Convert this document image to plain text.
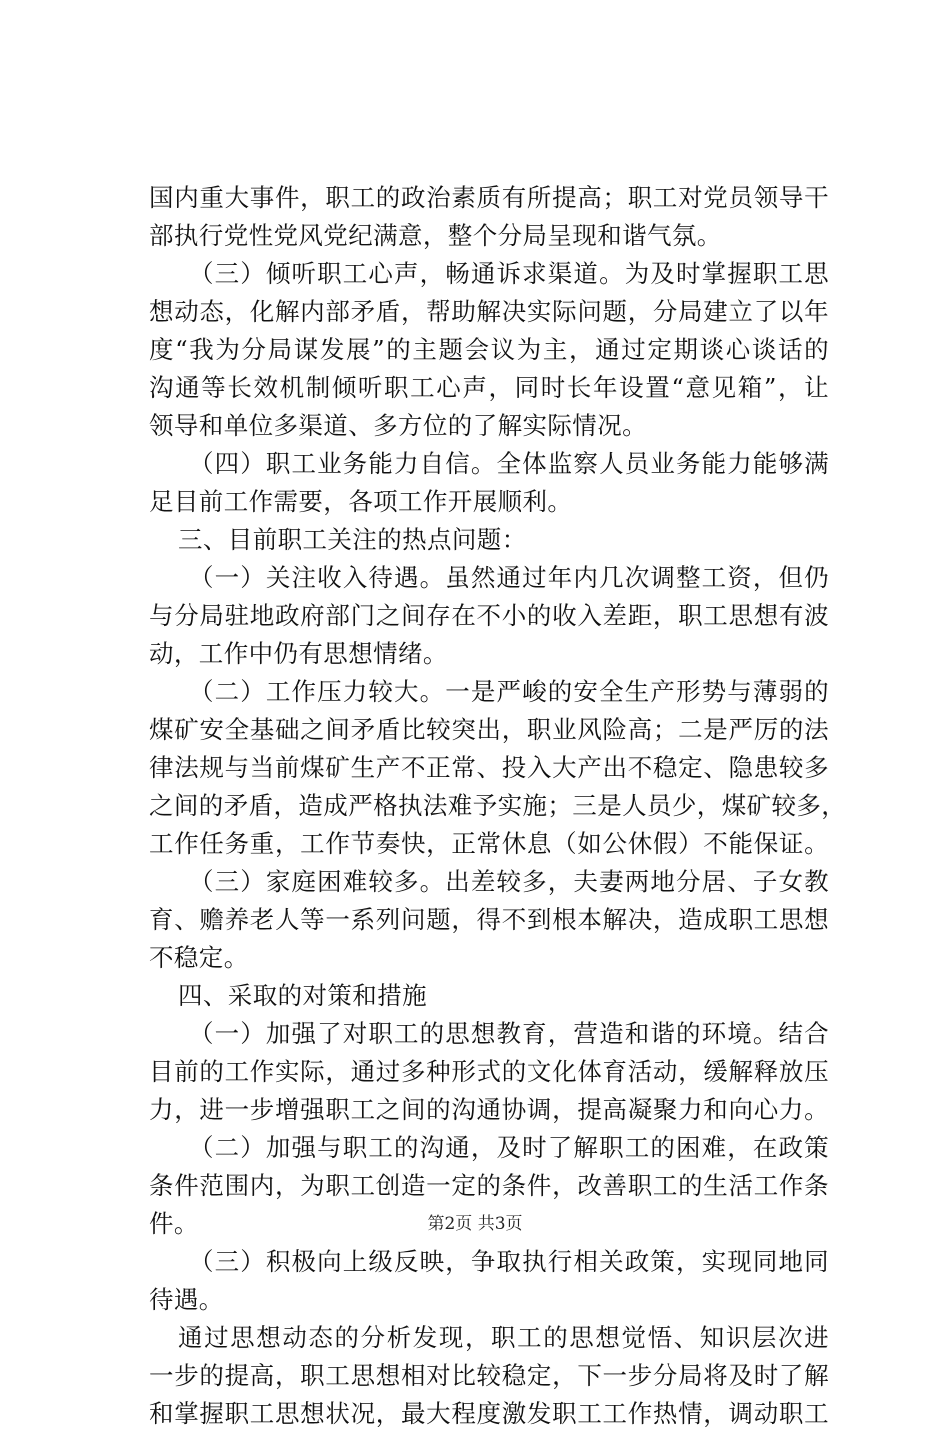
国内重大事件，职工的政治素质有所提高；职工对党员领导干
部执行党性党风党纪满意，整个分局呈现和谐气氛。
（三）倾听职工心声，畅通诉求渠道。为及时掌握职工思
想动态，化解内部矛盾，帮助解决实际问题，分局建立了以年
度“我为分局谋发展”的主题会议为主，通过定期谈心谈话的
沟通等长效机制倾听职工心声，同时长年设置“意见箱”，让
领导和单位多渠道、多方位的了解实际情况。
（四）职工业务能力自信。全体监察人员业务能力能够满
足目前工作需要，各项工作开展顺利。
三、目前职工关注的热点问题：
（一）关注收入待遇。虽然通过年内几次调整工资，但仍
与分局驻地政府部门之间存在不小的收入差距，职工思想有波
动，工作中仍有思想情绪。
（二）工作压力较大。一是严峻的安全生产形势与薄弱的
煤矿安全基础之间矛盾比较突出，职业风险高；二是严厉的法
律法规与当前煤矿生产不正常、投入大产出不稳定、隐患较多
之间的矛盾，造成严格执法难予实施；三是人员少，煤矿较多，
工作任务重，工作节奏快，正常休息（如公休假）不能保证。
（三）家庭困难较多。出差较多，夫妻两地分居、子女教
育、赡养老人等一系列问题，得不到根本解决，造成职工思想
不稳定。
四、采取的对策和措施
（一）加强了对职工的思想教育，营造和谐的环境。结合
目前的工作实际，通过多种形式的文化体育活动，缓解释放压
力，进一步增强职工之间的沟通协调，提高凝聚力和向心力。
（二）加强与职工的沟通，及时了解职工的困难，在政策
条件范围内，为职工创造一定的条件，改善职工的生活工作条
件。
（三）积极向上级反映，争取执行相关政策，实现同地同
待遇。
通过思想动态的分析发现，职工的思想觉悟、知识层次进
一步的提高，职工思想相对比较稳定，下一步分局将及时了解
和掌握职工思想状况，最大程度激发职工工作热情，调动职工
第2页 共3页
